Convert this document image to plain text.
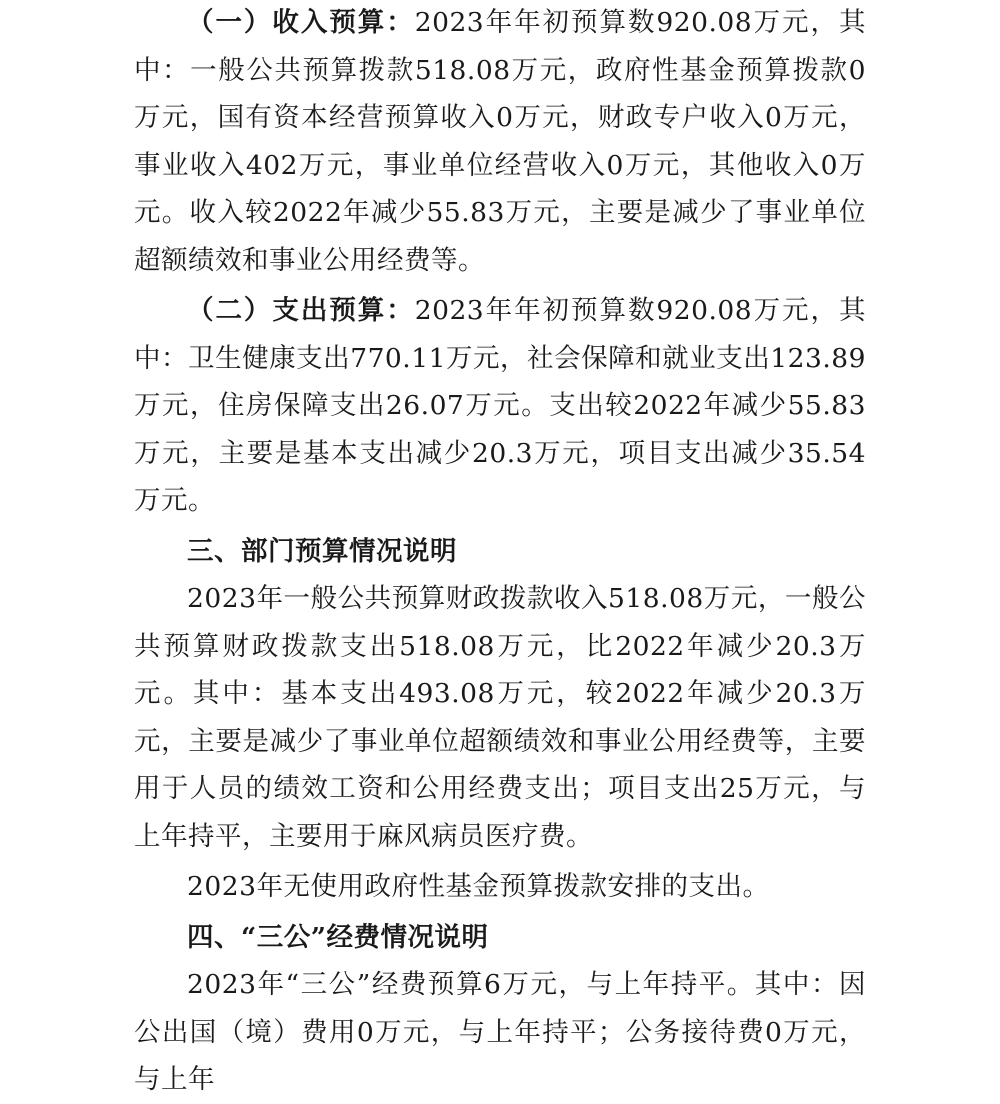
（一）收入预算：2023年年初预算数920.08万元，其中：一般公共预算拨款518.08万元，政府性基金预算拨款0万元，国有资本经营预算收入0万元，财政专户收入0万元，事业收入402万元，事业单位经营收入0万元，其他收入0万元。收入较2022年减少55.83万元，主要是减少了事业单位超额绩效和事业公用经费等。

（二）支出预算：2023年年初预算数920.08万元，其中：卫生健康支出770.11万元，社会保障和就业支出123.89万元，住房保障支出26.07万元。支出较2022年减少55.83万元，主要是基本支出减少20.3万元，项目支出减少35.54万元。

三、部门预算情况说明

2023年一般公共预算财政拨款收入518.08万元，一般公共预算财政拨款支出518.08万元，比2022年减少20.3万元。其中：基本支出493.08万元，较2022年减少20.3万元，主要是减少了事业单位超额绩效和事业公用经费等，主要用于人员的绩效工资和公用经费支出；项目支出25万元，与上年持平，主要用于麻风病员医疗费。

2023年无使用政府性基金预算拨款安排的支出。

四、“三公”经费情况说明

2023年“三公”经费预算6万元，与上年持平。其中：因公出国（境）费用0万元，与上年持平；公务接待费0万元，与上年
